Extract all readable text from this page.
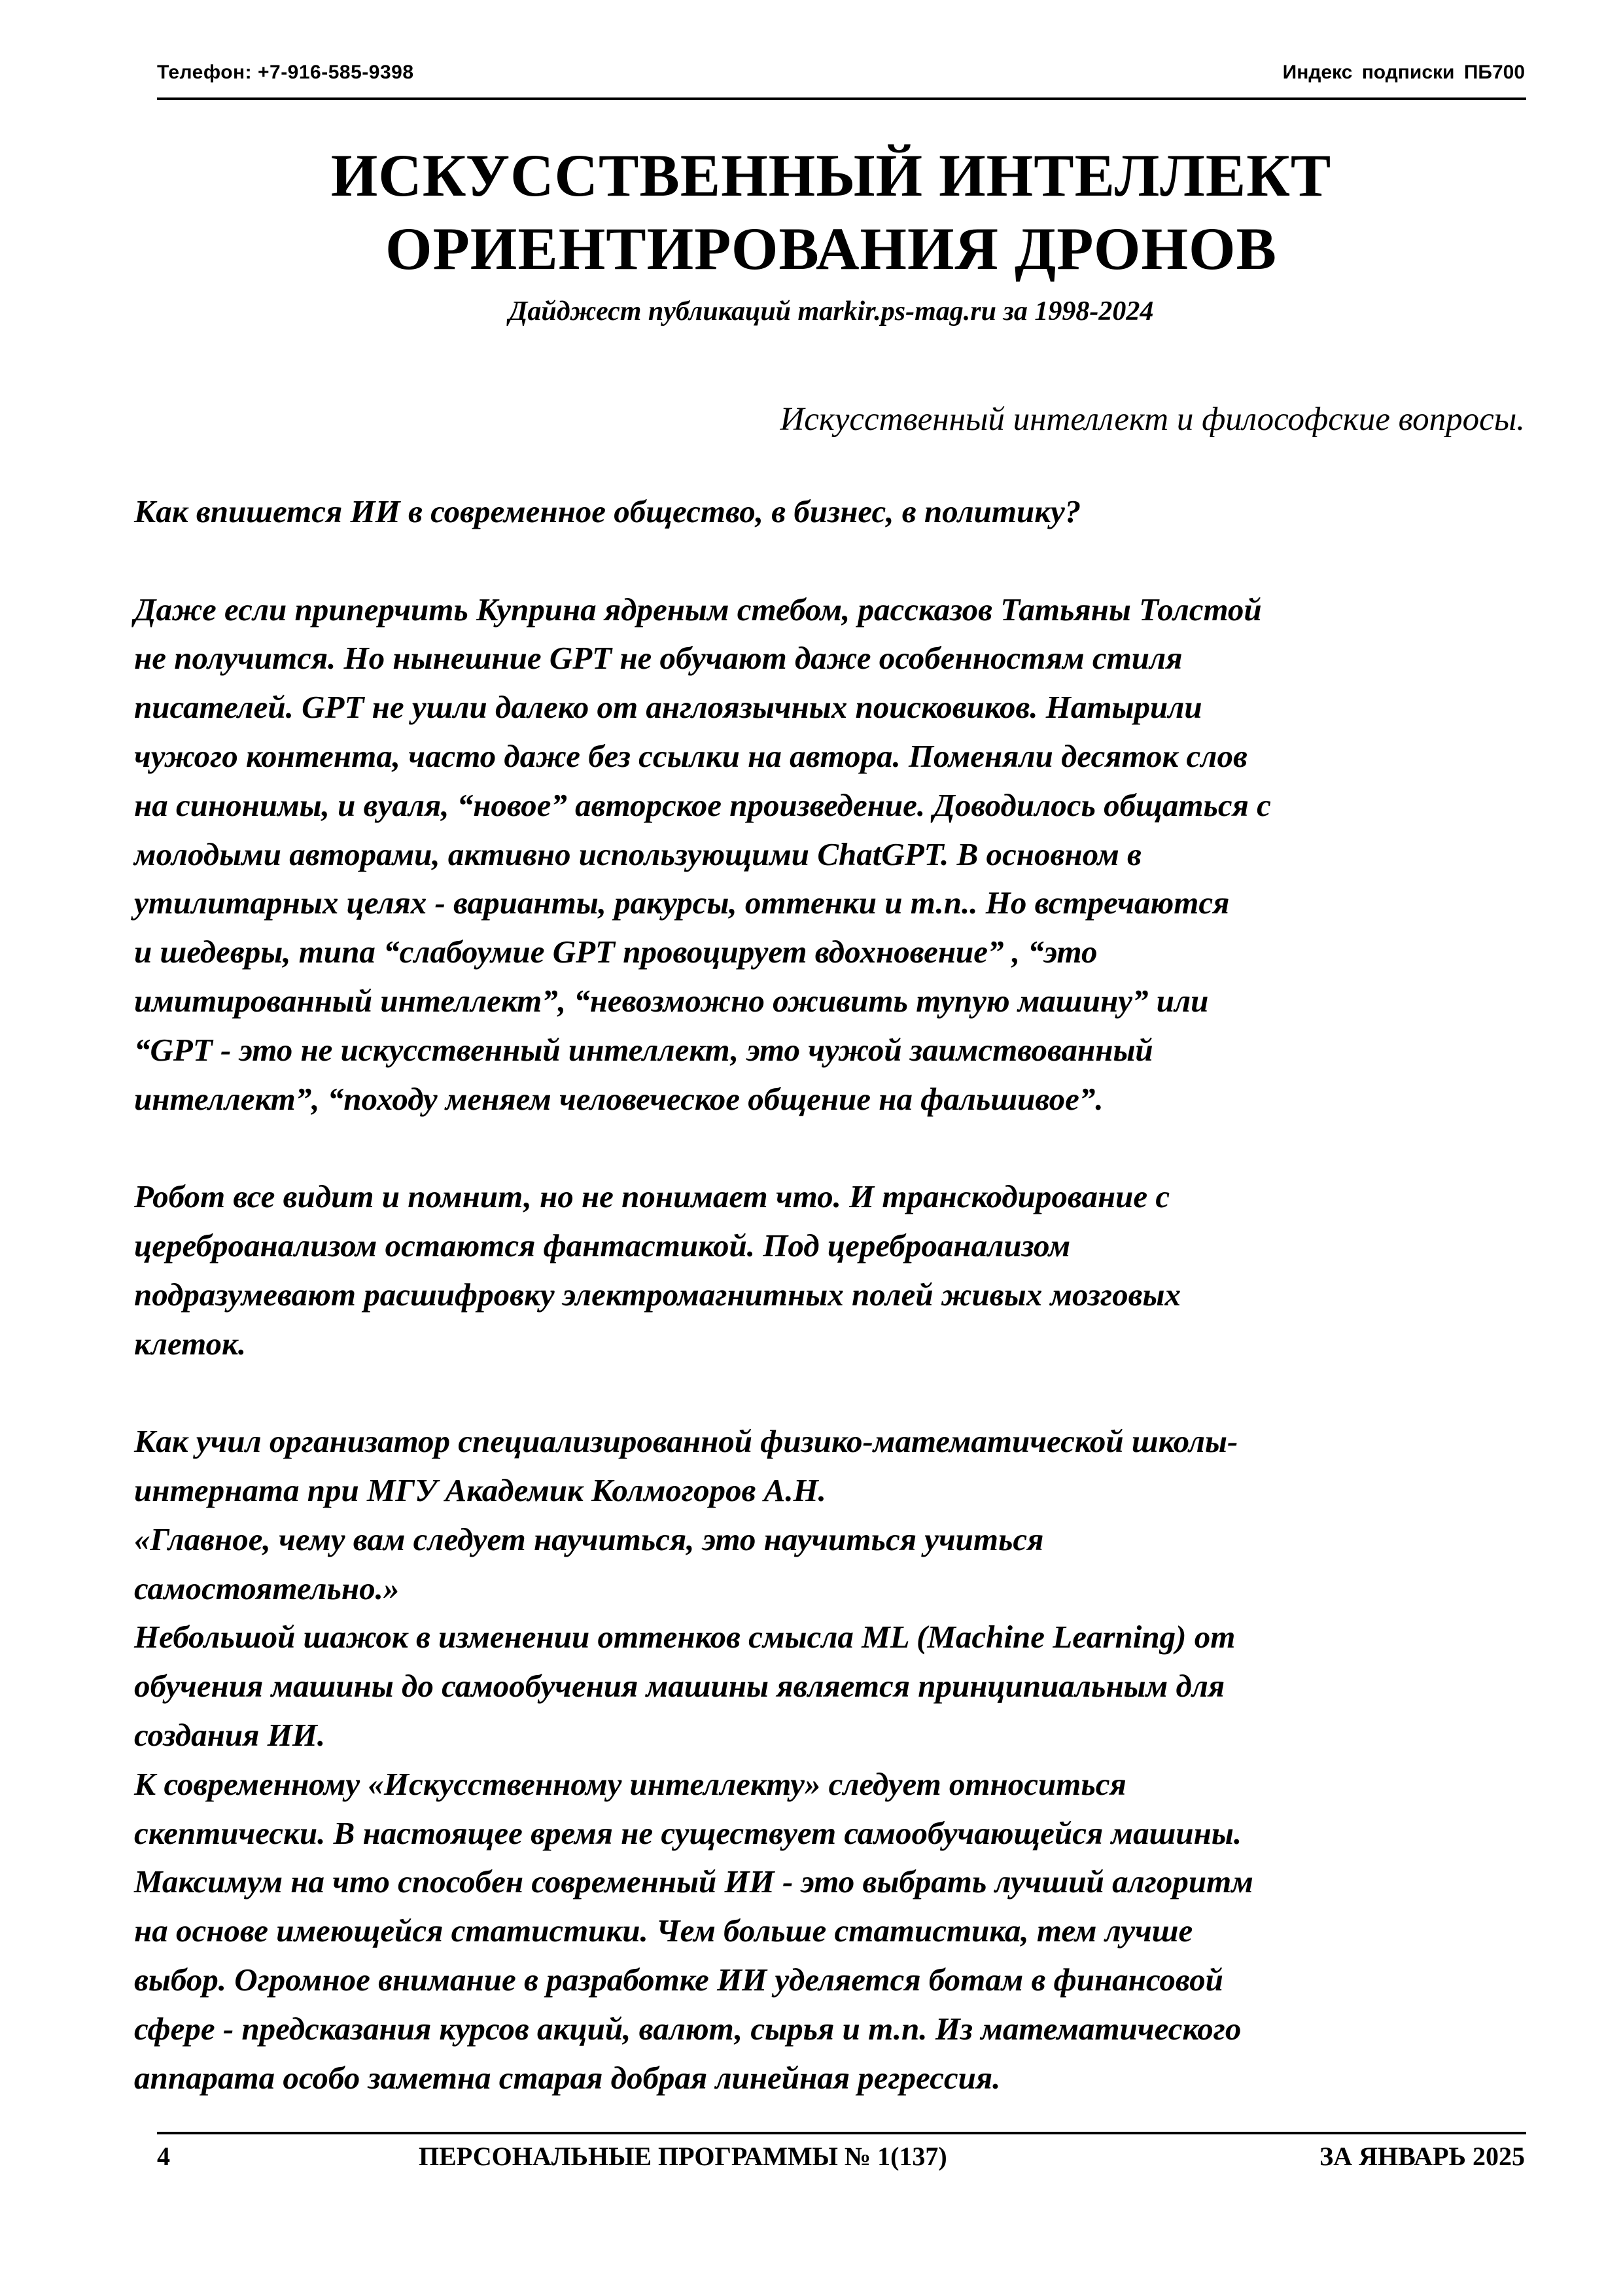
Телефон: +7-916-585-9398	Индекс подписки ПБ700
ИСКУССТВЕННЫЙ ИНТЕЛЛЕКТ
ОРИЕНТИРОВАНИЯ ДРОНОВ
Дайджест публикаций markir.ps-mag.ru за 1998-2024
Искусственный интеллект и философские вопросы.

Как впишется ИИ в современное общество, в бизнес, в политику?

Даже если приперчить Куприна ядреным стебом, рассказов Татьяны Толстой
не получится. Но нынешние GPT не обучают даже особенностям стиля
писателей. GPT не ушли далеко от англоязычных поисковиков. Натырили
чужого контента, часто даже без ссылки на автора. Поменяли десяток слов
на синонимы, и вуаля, “новое” авторское произведение. Доводилось общаться с
молодыми авторами, активно использующими ChatGPT. В основном в
утилитарных целях - варианты, ракурсы, оттенки и т.п.. Но встречаются
и шедевры, типа “слабоумие GPT провоцирует вдохновение” , “это
имитированный интеллект”, “невозможно оживить тупую машину” или
“GPT - это не искусственный интеллект, это чужой заимствованный
интеллект”, “походу меняем человеческое общение на фальшивое”.

Робот все видит и помнит, но не понимает что. И транскодирование с
цереброанализом остаются фантастикой. Под цереброанализом
подразумевают расшифровку электромагнитных полей живых мозговых
клеток.

Как учил организатор специализированной физико-математической школы-
интерната при МГУ Академик Колмогоров А.Н.
«Главное, чему вам следует научиться, это научиться учиться
самостоятельно.»
Небольшой шажок в изменении оттенков смысла ML (Machine Learning) от
обучения машины до самообучения машины является принципиальным для
создания ИИ.
К современному «Искусственному интеллекту» следует относиться
скептически. В настоящее время не существует самообучающейся машины.
Максимум на что способен современный ИИ - это выбрать лучший алгоритм
на основе имеющейся статистики. Чем больше статистика, тем лучше
выбор. Огромное внимание в разработке ИИ уделяется ботам в финансовой
сфере - предсказания курсов акций, валют, сырья и т.п. Из математического
аппарата особо заметна старая добрая линейная регрессия.

4	ПЕРСОНАЛЬНЫЕ ПРОГРАММЫ № 1(137)	ЗА ЯНВАРЬ 2025
